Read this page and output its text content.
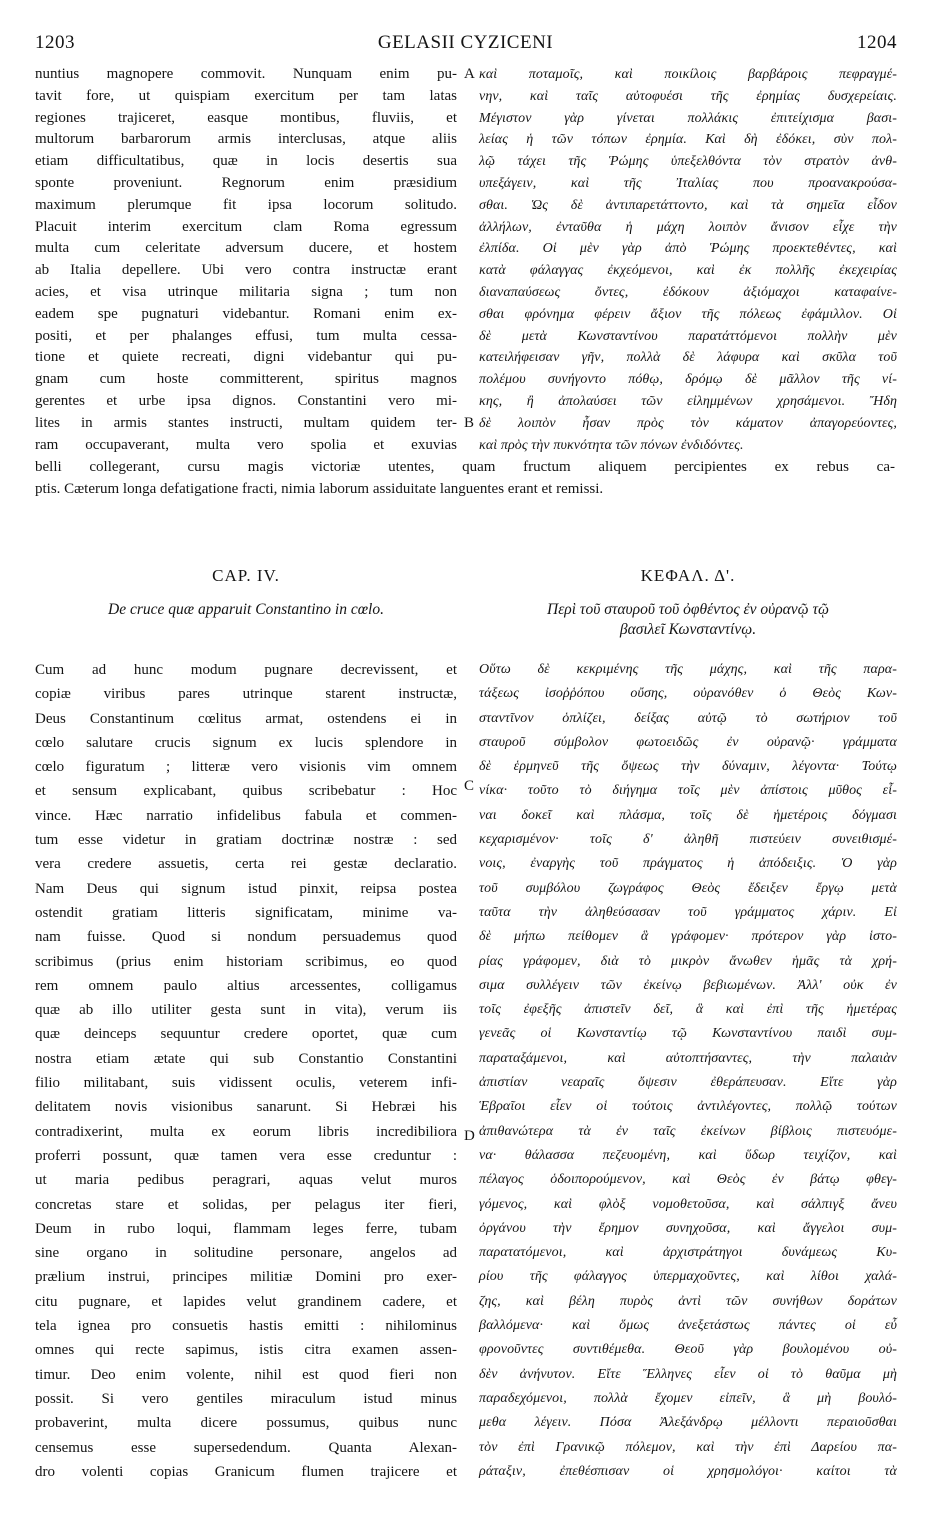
1203	GELASII CYZICENI	1204
nuntius magnopere commovit. Nunquam enim pu-
tavit fore, ut quispiam exercitum per tam latas
regiones trajiceret, easque montibus, fluviis, et
multorum barbarorum armis interclusas, atque aliis
etiam difficultatibus, quæ in locis desertis sua
sponte proveniunt. Regnorum enim præsidium
maximum plerumque fit ipsa locorum solitudo.
Placuit interim exercitum clam Roma egressum
multa cum celeritate adversum ducere, et hostem
ab Italia depellere. Ubi vero contra instructæ erant
acies, et visa utrinque militaria signa ; tum non
eadem spe pugnaturi videbantur. Romani enim ex-
positi, et per phalanges effusi, tum multa cessa-
tione et quiete recreati, digni videbantur qui pu-
gnam cum hoste committerent, spiritus magnos
gerentes et urbe ipsa dignos. Constantini vero mi-
lites in armis stantes instructi, multam quidem ter-
ram occupaverant, multa vero spolia et exuvias
καὶ ποταμοῖς, καὶ ποικίλοις βαρβάροις πεφραγμέ-
νην, καὶ ταῖς αὐτοφυέσι τῆς ἐρημίας δυσχερείαις.
Μέγιστον γὰρ γίνεται πολλάκις ἐπιτείχισμα βασι-
λείας ἡ τῶν τόπων ἐρημία. Καὶ δὴ ἐδόκει, σὺν πολ-
λῷ τάχει τῆς Ῥώμης ὑπεξελθόντα τὸν στρατὸν ἀνθ-
υπεξάγειν, καὶ τῆς Ἰταλίας που προανακρούσα-
σθαι. Ὡς δὲ ἀντιπαρετάττοντο, καὶ τὰ σημεῖα εἶδον
ἀλλήλων, ἐνταῦθα ἡ μάχη λοιπὸν ἄνισον εἶχε τὴν
ἐλπίδα. Οἱ μὲν γὰρ ἀπὸ Ῥώμης προεκτεθέντες, καὶ
κατὰ φάλαγγας ἐκχεόμενοι, καὶ ἐκ πολλῆς ἐκεχειρίας
διαναπαύσεως ὄντες, ἐδόκουν ἀξιόμαχοι καταφαίνε-
σθαι φρόνημα φέρειν ἄξιον τῆς πόλεως ἐφάμιλλον. Οἱ
δὲ μετὰ Κωνσταντίνου παρατάττόμενοι πολλὴν μὲν
κατειλήφεισαν γῆν, πολλὰ δὲ λάφυρα καὶ σκῦλα τοῦ
πολέμου συνήγοντο πόθῳ, δρόμῳ δὲ μᾶλλον τῆς νί-
κης, ἢ ἀπολαύσει τῶν εἰλημμένων χρησάμενοι. Ἤδη
δὲ λοιπὸν ἦσαν πρὸς τὸν κάματον ἀπαγορεύοντες,
καὶ πρὸς τὴν πυκνότητα τῶν πόνων ἐνδιδόντες.
A
B
belli collegerant, cursu magis victoriæ utentes, quam fructum aliquem percipientes ex rebus ca-
ptis. Cæterum longa defatigatione fracti, nimia laborum assiduitate languentes erant et remissi.
CAP. IV.
De cruce quæ apparuit Constantino in cœlo.
ΚΕΦΑΛ. Δ'.
Περὶ τοῦ σταυροῦ τοῦ ὀφθέντος ἐν οὐρανῷ τῷ
βασιλεῖ Κωνσταντίνῳ.
Cum ad hunc modum pugnare decrevissent, et
copiæ viribus pares utrinque starent instructæ,
Deus Constantinum cœlitus armat, ostendens ei in
cœlo salutare crucis signum ex lucis splendore in
cœlo figuratum ; litteræ vero visionis vim omnem
et sensum explicabant, quibus scribebatur : Hoc
vince. Hæc narratio infidelibus fabula et commen-
tum esse videtur in gratiam doctrinæ nostræ : sed
vera credere assuetis, certa rei gestæ declaratio.
Nam Deus qui signum istud pinxit, reipsa postea
ostendit gratiam litteris significatam, minime va-
nam fuisse. Quod si nondum persuademus quod
scribimus (prius enim historiam scribimus, eo quod
rem omnem paulo altius arcessentes, colligamus
quæ ab illo utiliter gesta sunt in vita), verum iis
quæ deinceps sequuntur credere oportet, quæ cum
nostra etiam ætate qui sub Constantio Constantini
filio militabant, suis vidissent oculis, veterem infi-
delitatem novis visionibus sanarunt. Si Hebræi his
contradixerint, multa ex eorum libris incredibiliora
proferri possunt, quæ tamen vera esse creduntur :
ut maria pedibus peragrari, aquas velut muros
concretas stare et solidas, per pelagus iter fieri,
Deum in rubo loqui, flammam leges ferre, tubam
sine organo in solitudine personare, angelos ad
prælium instrui, principes militiæ Domini pro exer-
citu pugnare, et lapides velut grandinem cadere, et
tela ignea pro consuetis hastis emitti : nihilominus
omnes qui recte sapimus, istis citra examen assen-
timur. Deo enim volente, nihil est quod fieri non
possit. Si vero gentiles miraculum istud minus
probaverint, multa dicere possumus, quibus nunc
censemus esse supersedendum. Quanta Alexan-
dro volenti copias Granicum flumen trajicere et
Οὕτω δὲ κεκριμένης τῆς μάχης, καὶ τῆς παρα-
τάξεως ἰσοῤῥόπου οὔσης, οὐρανόθεν ὁ Θεὸς Κων-
σταντῖνον ὁπλίζει, δείξας αὐτῷ τὸ σωτήριον τοῦ
σταυροῦ σύμβολον φωτοειδῶς ἐν οὐρανῷ· γράμματα
δὲ ἑρμηνεῦ τῆς ὄψεως τὴν δύναμιν, λέγοντα· Τούτῳ
νίκα· τοῦτο τὸ διήγημα τοῖς μὲν ἀπίστοις μῦθος εἶ-
ναι δοκεῖ καὶ πλάσμα, τοῖς δὲ ἡμετέροις δόγμασι
κεχαρισμένον· τοῖς δ' ἀληθῆ πιστεύειν συνειθισμέ-
νοις, ἐναργὴς τοῦ πράγματος ἡ ἀπόδειξις. Ὁ γὰρ
τοῦ συμβόλου ζωγράφος Θεὸς ἔδειξεν ἔργῳ μετὰ
ταῦτα τὴν ἀληθεύσασαν τοῦ γράμματος χάριν. Εἰ
δὲ μήπω πείθομεν ἃ γράφομεν· πρότερον γὰρ ἱστο-
ρίας γράφομεν, διὰ τὸ μικρὸν ἄνωθεν ἡμᾶς τὰ χρή-
σιμα συλλέγειν τῶν ἐκείνῳ βεβιωμένων. Ἀλλ' οὐκ ἐν
τοῖς ἐφεξῆς ἀπιστεῖν δεῖ, ἃ καὶ ἐπὶ τῆς ἡμετέρας
γενεᾶς οἱ Κωνσταντίῳ τῷ Κωνσταντίνου παιδὶ συμ-
παραταξάμενοι, καὶ αὐτοπτήσαντες, τὴν παλαιὰν
ἀπιστίαν νεαραῖς ὄψεσιν ἐθεράπευσαν. Εἴτε γὰρ
Ἑβραῖοι εἶεν οἱ τούτοις ἀντιλέγοντες, πολλῷ τούτων
ἀπιθανώτερα τὰ ἐν ταῖς ἐκείνων βίβλοις πιστευόμε-
να· θάλασσα πεζευομένη, καὶ ὕδωρ τειχίζον, καὶ
πέλαγος ὁδοιπορούμενον, καὶ Θεὸς ἐν βάτῳ φθεγ-
γόμενος, καὶ φλὸξ νομοθετοῦσα, καὶ σάλπιγξ ἄνευ
ὀργάνου τὴν ἔρημον συνηχοῦσα, καὶ ἄγγελοι συμ-
παρατατόμενοι, καὶ ἀρχιστράτηγοι δυνάμεως Κυ-
ρίου τῆς φάλαγγος ὑπερμαχοῦντες, καὶ λίθοι χαλά-
ζης, καὶ βέλη πυρὸς ἀντὶ τῶν συνήθων δοράτων
βαλλόμενα· καὶ ὅμως ἀνεξετάστως πάντες οἱ εὖ
φρονοῦντες συντιθέμεθα. Θεοῦ γὰρ βουλομένου οὐ-
δὲν ἀνήνυτον. Εἴτε Ἕλληνες εἶεν οἱ τὸ θαῦμα μὴ
παραδεχόμενοι, πολλὰ ἔχομεν εἰπεῖν, ἃ μὴ βουλό-
μεθα λέγειν. Πόσα Ἀλεξάνδρῳ μέλλοντι περαιοῦσθαι
τὸν ἐπὶ Γρανικῷ πόλεμον, καὶ τὴν ἐπὶ Δαρείου πα-
ράταξιν, ἐπεθέσπισαν οἱ χρησμολόγοι· καίτοι τὰ
C
D
